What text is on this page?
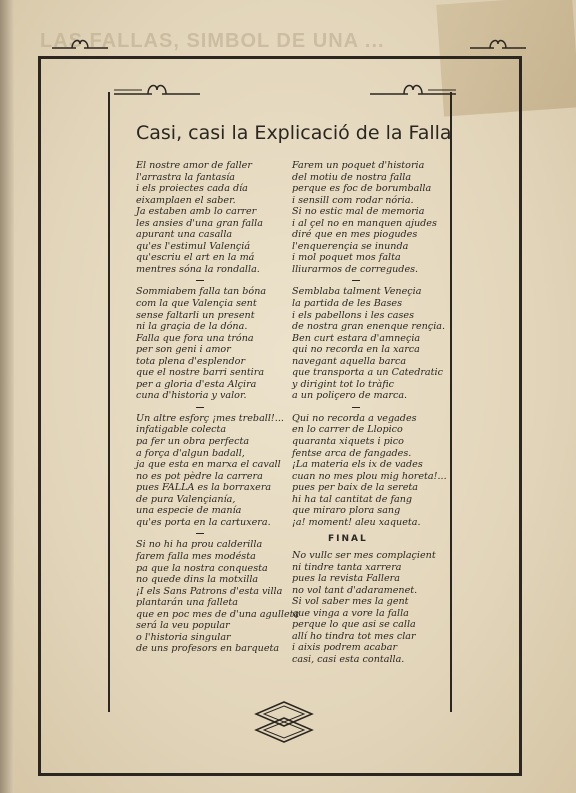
LAS FALLAS, SIMBOL DE UNA ...
Casi, casi la Explicació de la Falla
El nostre amor de faller
l'arrastra la fantasía
i els proiectes cada día
eixamplaen el saber.
Ja estaben amb lo carrer
les ansies d'una gran falla
apurant una casalla
qu'es l'estimul Valençiá
qu'escriu el art en la má
mentres sóna la rondalla.
Sommiabem falla tan bóna
com la que Valençia sent
sense faltarli un present
ni la graçia de la dóna.
Falla que fora una tróna
per son geni i amor
tota plena d'esplendor
que el nostre barri sentira
per a gloria d'esta Alçira
cuna d'historia y valor.
Un altre esforç ¡mes treball!...
infatigable colecta
pa fer un obra perfecta
a força d'algun badall,
ja que esta en marxa el cavall
no es pot pèdre la carrera
pues FALLA es la borraxera
de pura Valençianía,
una especie de manía
qu'es porta en la cartuxera.
Si no hi ha prou calderilla
farem falla mes modésta
pa que la nostra conquesta
no quede dins la motxilla
¡I els Sans Patrons d'esta villa
plantarán una falleta
que en poc mes de d'una agulleta
será la veu popular
o l'historia singular
de uns profesors en barqueta
Farem un poquet d'historia
del motiu de nostra falla
perque es foc de borumballa
i sensill com rodar nória.
Si no estic mal de memoria
i al çel no en manquen ajudes
diré que en mes piogudes
l'enquerençia se inunda
i mol poquet mos falta
lliurarmos de corregudes.
Semblaba talment Veneçia
la partida de les Bases
i els pabellons i les cases
de nostra gran enenque rençia.
Ben curt estara d'amneçia
qui no recorda en la xarca
navegant aquella barca
que transporta a un Catedratic
y dirigint tot lo tràfic
a un poliçero de marca.
Qui no recorda a vegades
en lo carrer de Llopico
quaranta xiquets i pico
fentse arca de fangades.
¡La materia els ix de vades
cuan no mes plou mig horeta!...
pues per baix de la sereta
hi ha tal cantitat de fang
que miraro plora sang
¡a! moment! aleu xaqueta.
FINAL
No vullc ser mes complaçient
ni tindre tanta xarrera
pues la revista Fallera
no vol tant d'adaramenet.
Si vol saber mes la gent
que vinga a vore la falla
perque lo que asi se calla
allí ho tindra tot mes clar
i aixis podrem acabar
casi, casi esta contalla.
